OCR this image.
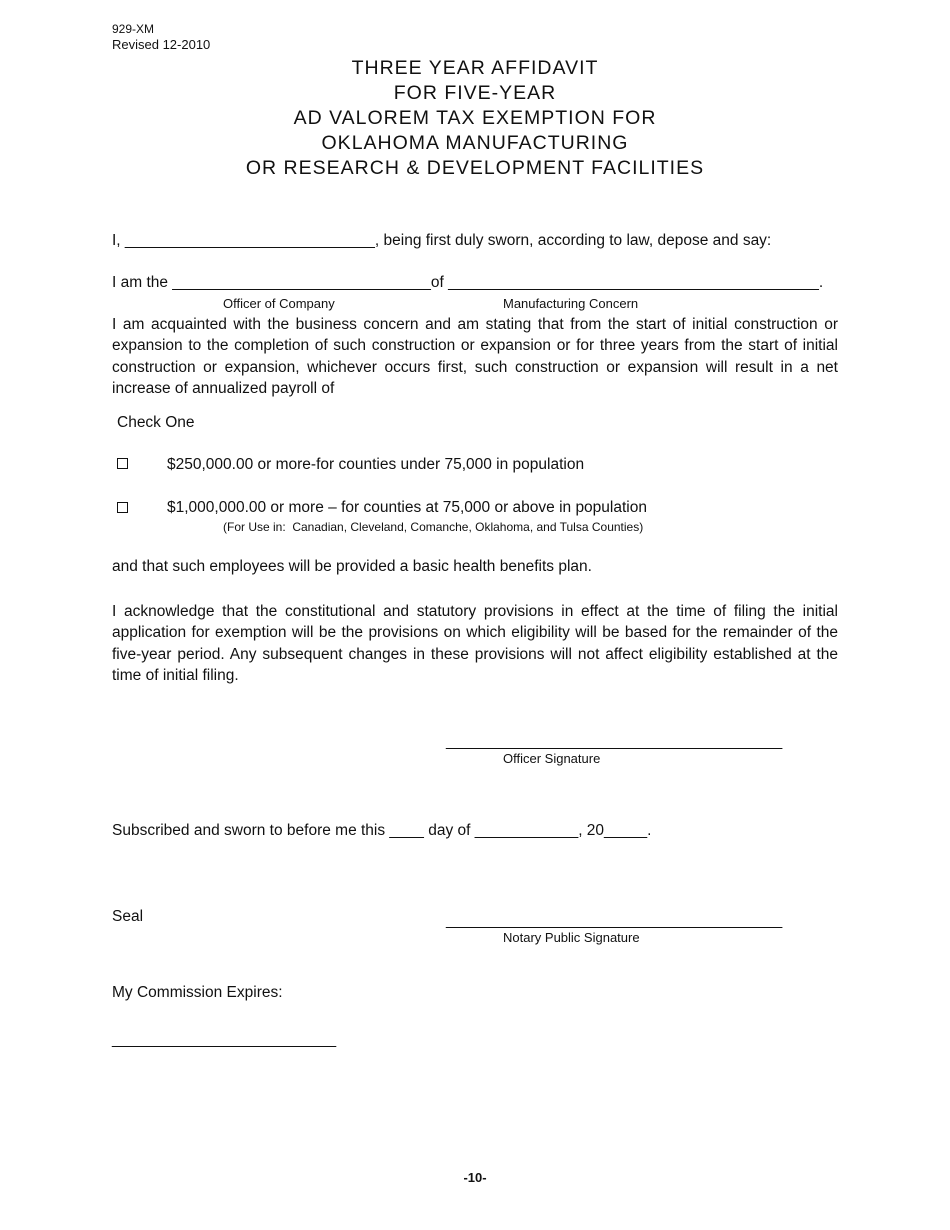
929-XM
Revised 12-2010
THREE YEAR AFFIDAVIT
FOR FIVE-YEAR
AD VALOREM TAX EXEMPTION FOR
OKLAHOMA MANUFACTURING
OR RESEARCH & DEVELOPMENT FACILITIES
I, _____________________________, being first duly sworn, according to law, depose and say:
I am the ______________________________of ___________________________________________.
Officer of Company	Manufacturing Concern
I am acquainted with the business concern and am stating that from the start of initial construction or expansion to the completion of such construction or expansion or for three years from the start of initial construction or expansion, whichever occurs first, such construction or expansion will result in a net increase of annualized payroll of
Check One
$250,000.00 or more-for counties under 75,000 in population
$1,000,000.00 or more – for counties at 75,000 or above in population
(For Use in:  Canadian, Cleveland, Comanche, Oklahoma, and Tulsa Counties)
and that such employees will be provided a basic health benefits plan.
I acknowledge that the constitutional and statutory provisions in effect at the time of filing the initial application for exemption will be the provisions on which eligibility will be based for the remainder of the five-year period. Any subsequent changes in these provisions will not affect eligibility established at the time of initial filing.
_______________________________________
Officer Signature
Subscribed and sworn to before me this ____ day of ____________, 20_____.
Seal	_______________________________________
Notary Public Signature
My Commission Expires:
__________________________
-10-
